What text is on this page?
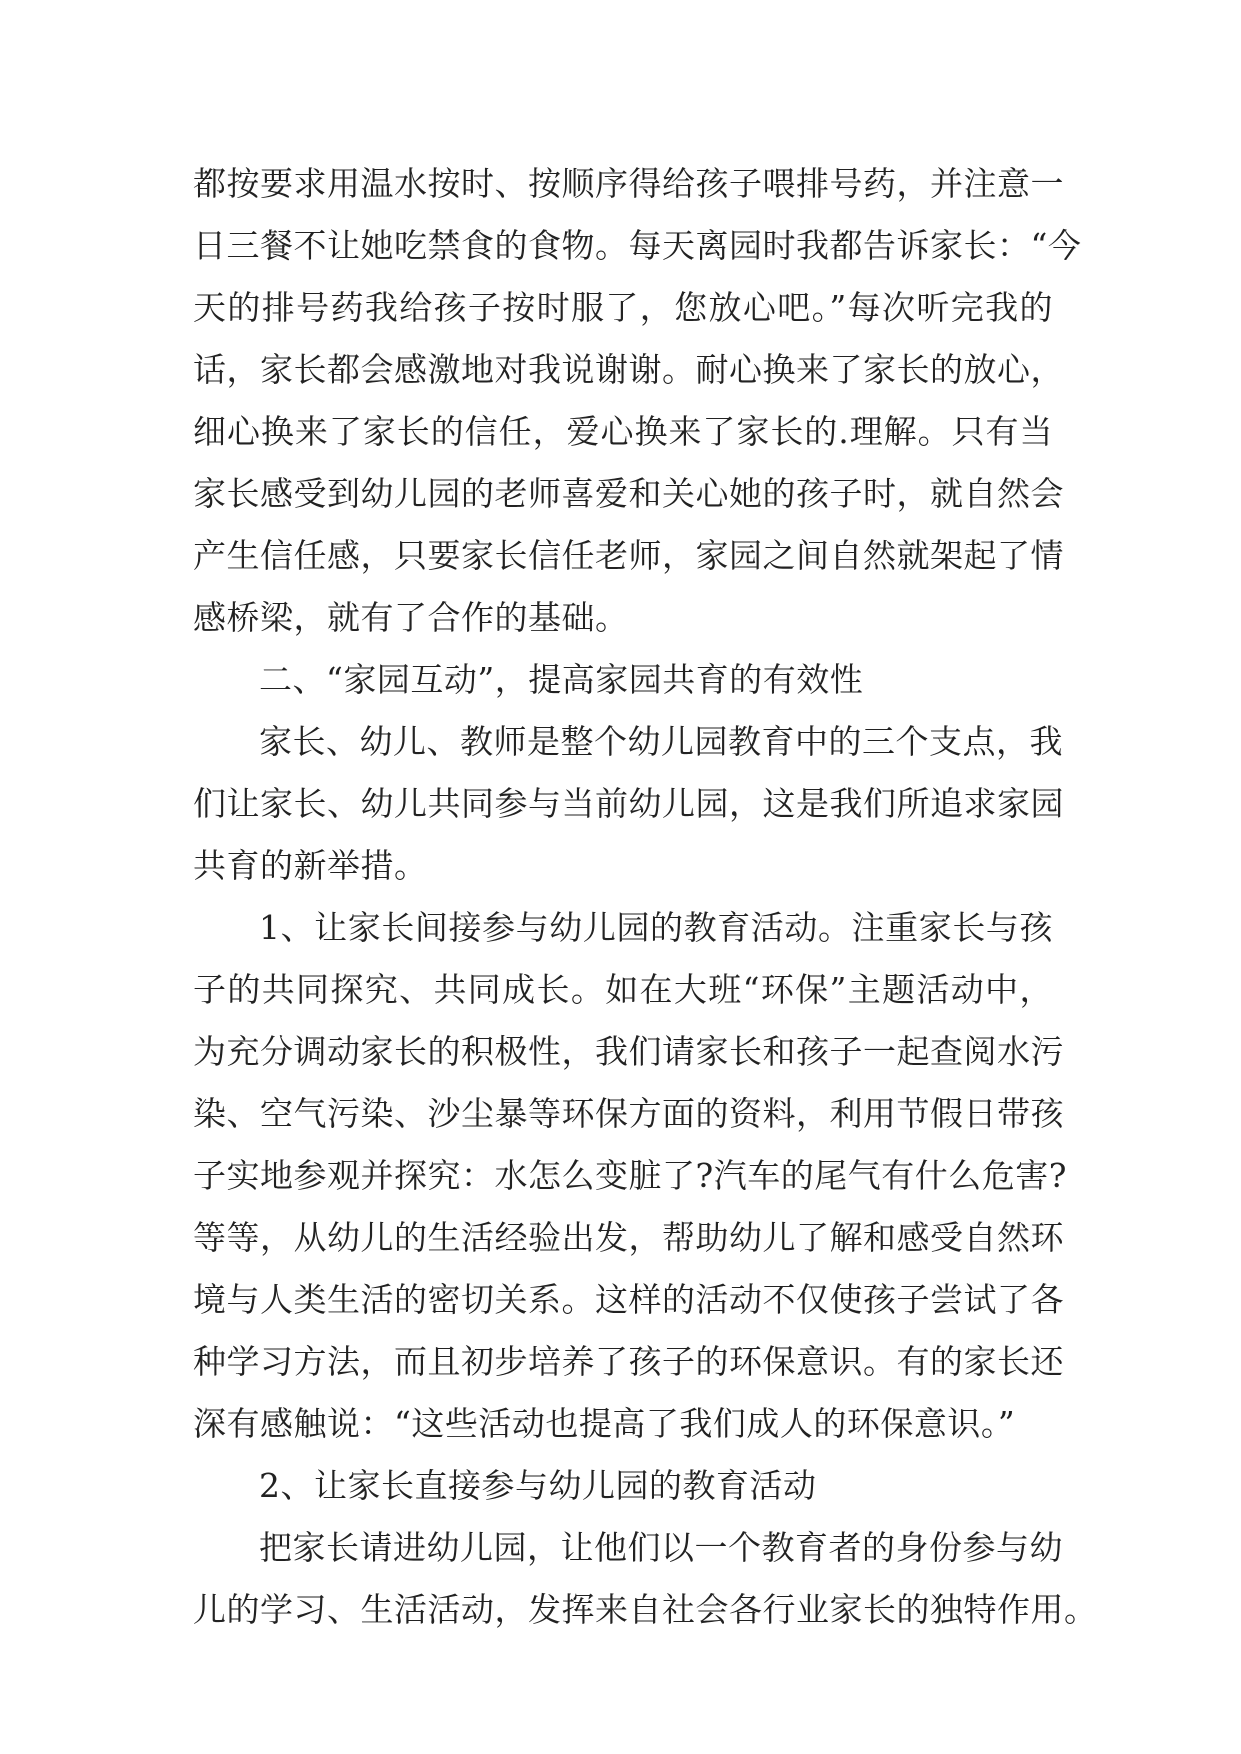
都按要求用温水按时、按顺序得给孩子喂排号药，并注意一
日三餐不让她吃禁食的食物。每天离园时我都告诉家长：“今
天的排号药我给孩子按时服了，您放心吧。”每次听完我的
话，家长都会感激地对我说谢谢。耐心换来了家长的放心，
细心换来了家长的信任，爱心换来了家长的.理解。只有当
家长感受到幼儿园的老师喜爱和关心她的孩子时，就自然会
产生信任感，只要家长信任老师，家园之间自然就架起了情
感桥梁，就有了合作的基础。
二、“家园互动”，提高家园共育的有效性
家长、幼儿、教师是整个幼儿园教育中的三个支点，我
们让家长、幼儿共同参与当前幼儿园，这是我们所追求家园
共育的新举措。
1、让家长间接参与幼儿园的教育活动。注重家长与孩
子的共同探究、共同成长。如在大班“环保”主题活动中，
为充分调动家长的积极性，我们请家长和孩子一起查阅水污
染、空气污染、沙尘暴等环保方面的资料，利用节假日带孩
子实地参观并探究：水怎么变脏了?汽车的尾气有什么危害?
等等，从幼儿的生活经验出发，帮助幼儿了解和感受自然环
境与人类生活的密切关系。这样的活动不仅使孩子尝试了各
种学习方法，而且初步培养了孩子的环保意识。有的家长还
深有感触说：“这些活动也提高了我们成人的环保意识。”
2、让家长直接参与幼儿园的教育活动
把家长请进幼儿园，让他们以一个教育者的身份参与幼
儿的学习、生活活动，发挥来自社会各行业家长的独特作用。
